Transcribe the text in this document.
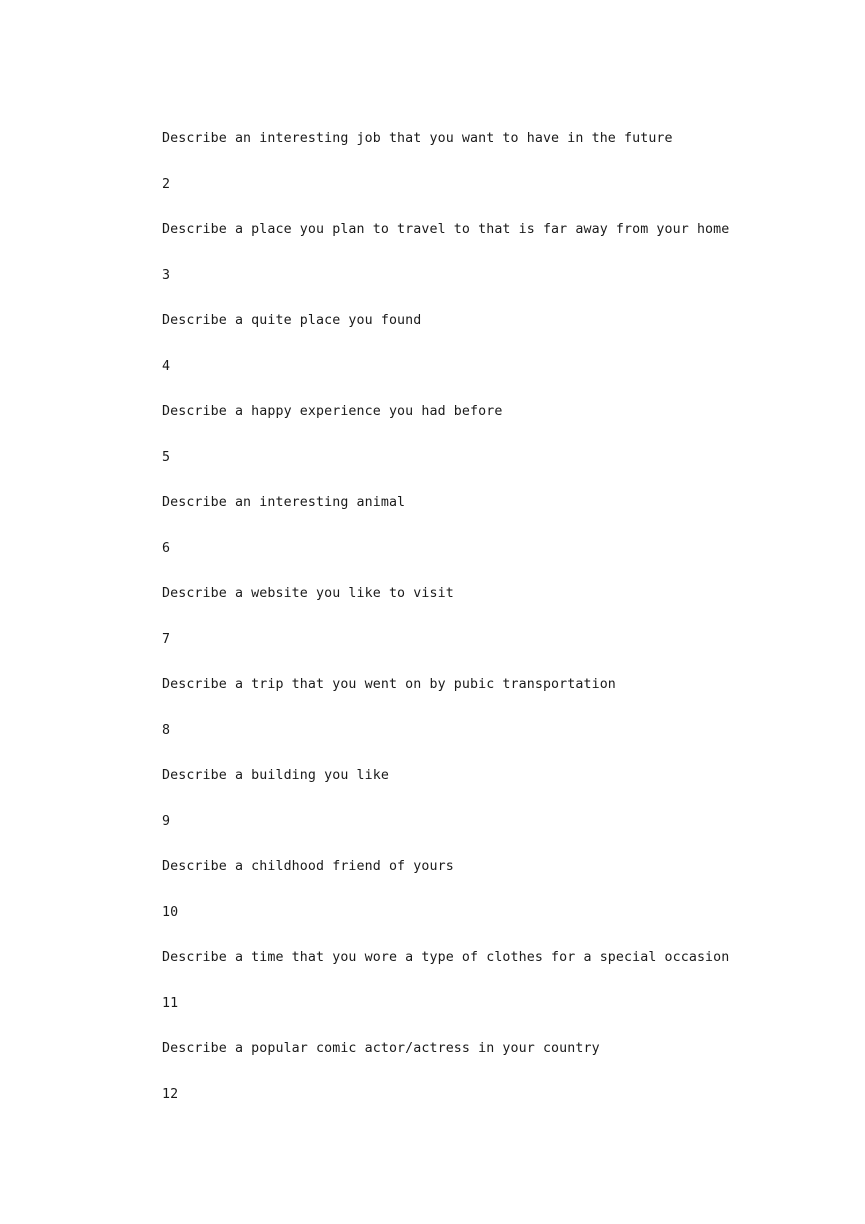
Describe an interesting job that you want to have in the future
2
Describe a place you plan to travel to that is far away from your home
3
Describe a quite place you found
4
Describe a happy experience you had before
5
Describe an interesting animal
6
Describe a website you like to visit
7
Describe a trip that you went on by pubic transportation
8
Describe a building you like
9
Describe a childhood friend of yours
10
Describe a time that you wore a type of clothes for a special occasion
11
Describe a popular comic actor/actress in your country
12
